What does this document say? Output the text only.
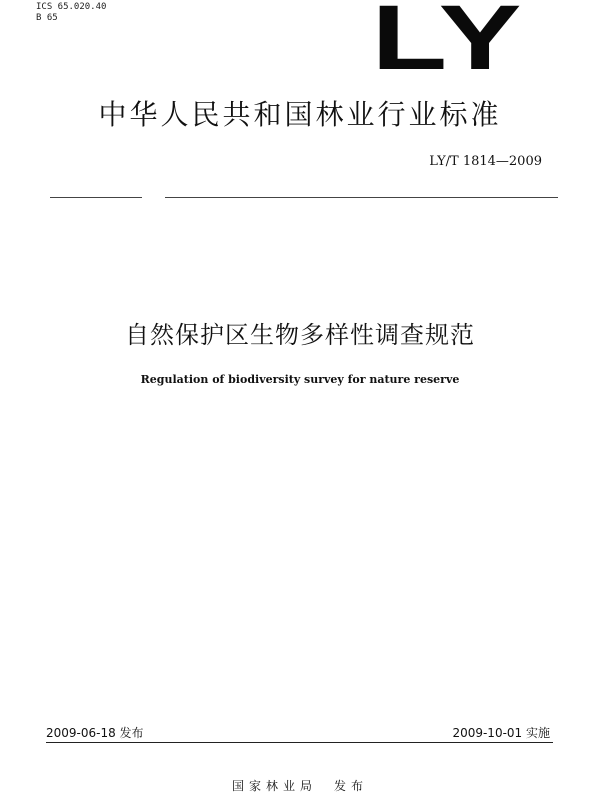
ICS 65.020.40
B 65	LY
中华人民共和国林业行业标准
LY/T 1814—2009
自然保护区生物多样性调查规范
Regulation of biodiversity survey for nature reserve
2009-06-18 发布	2009-10-01 实施
国家林业局　发布
